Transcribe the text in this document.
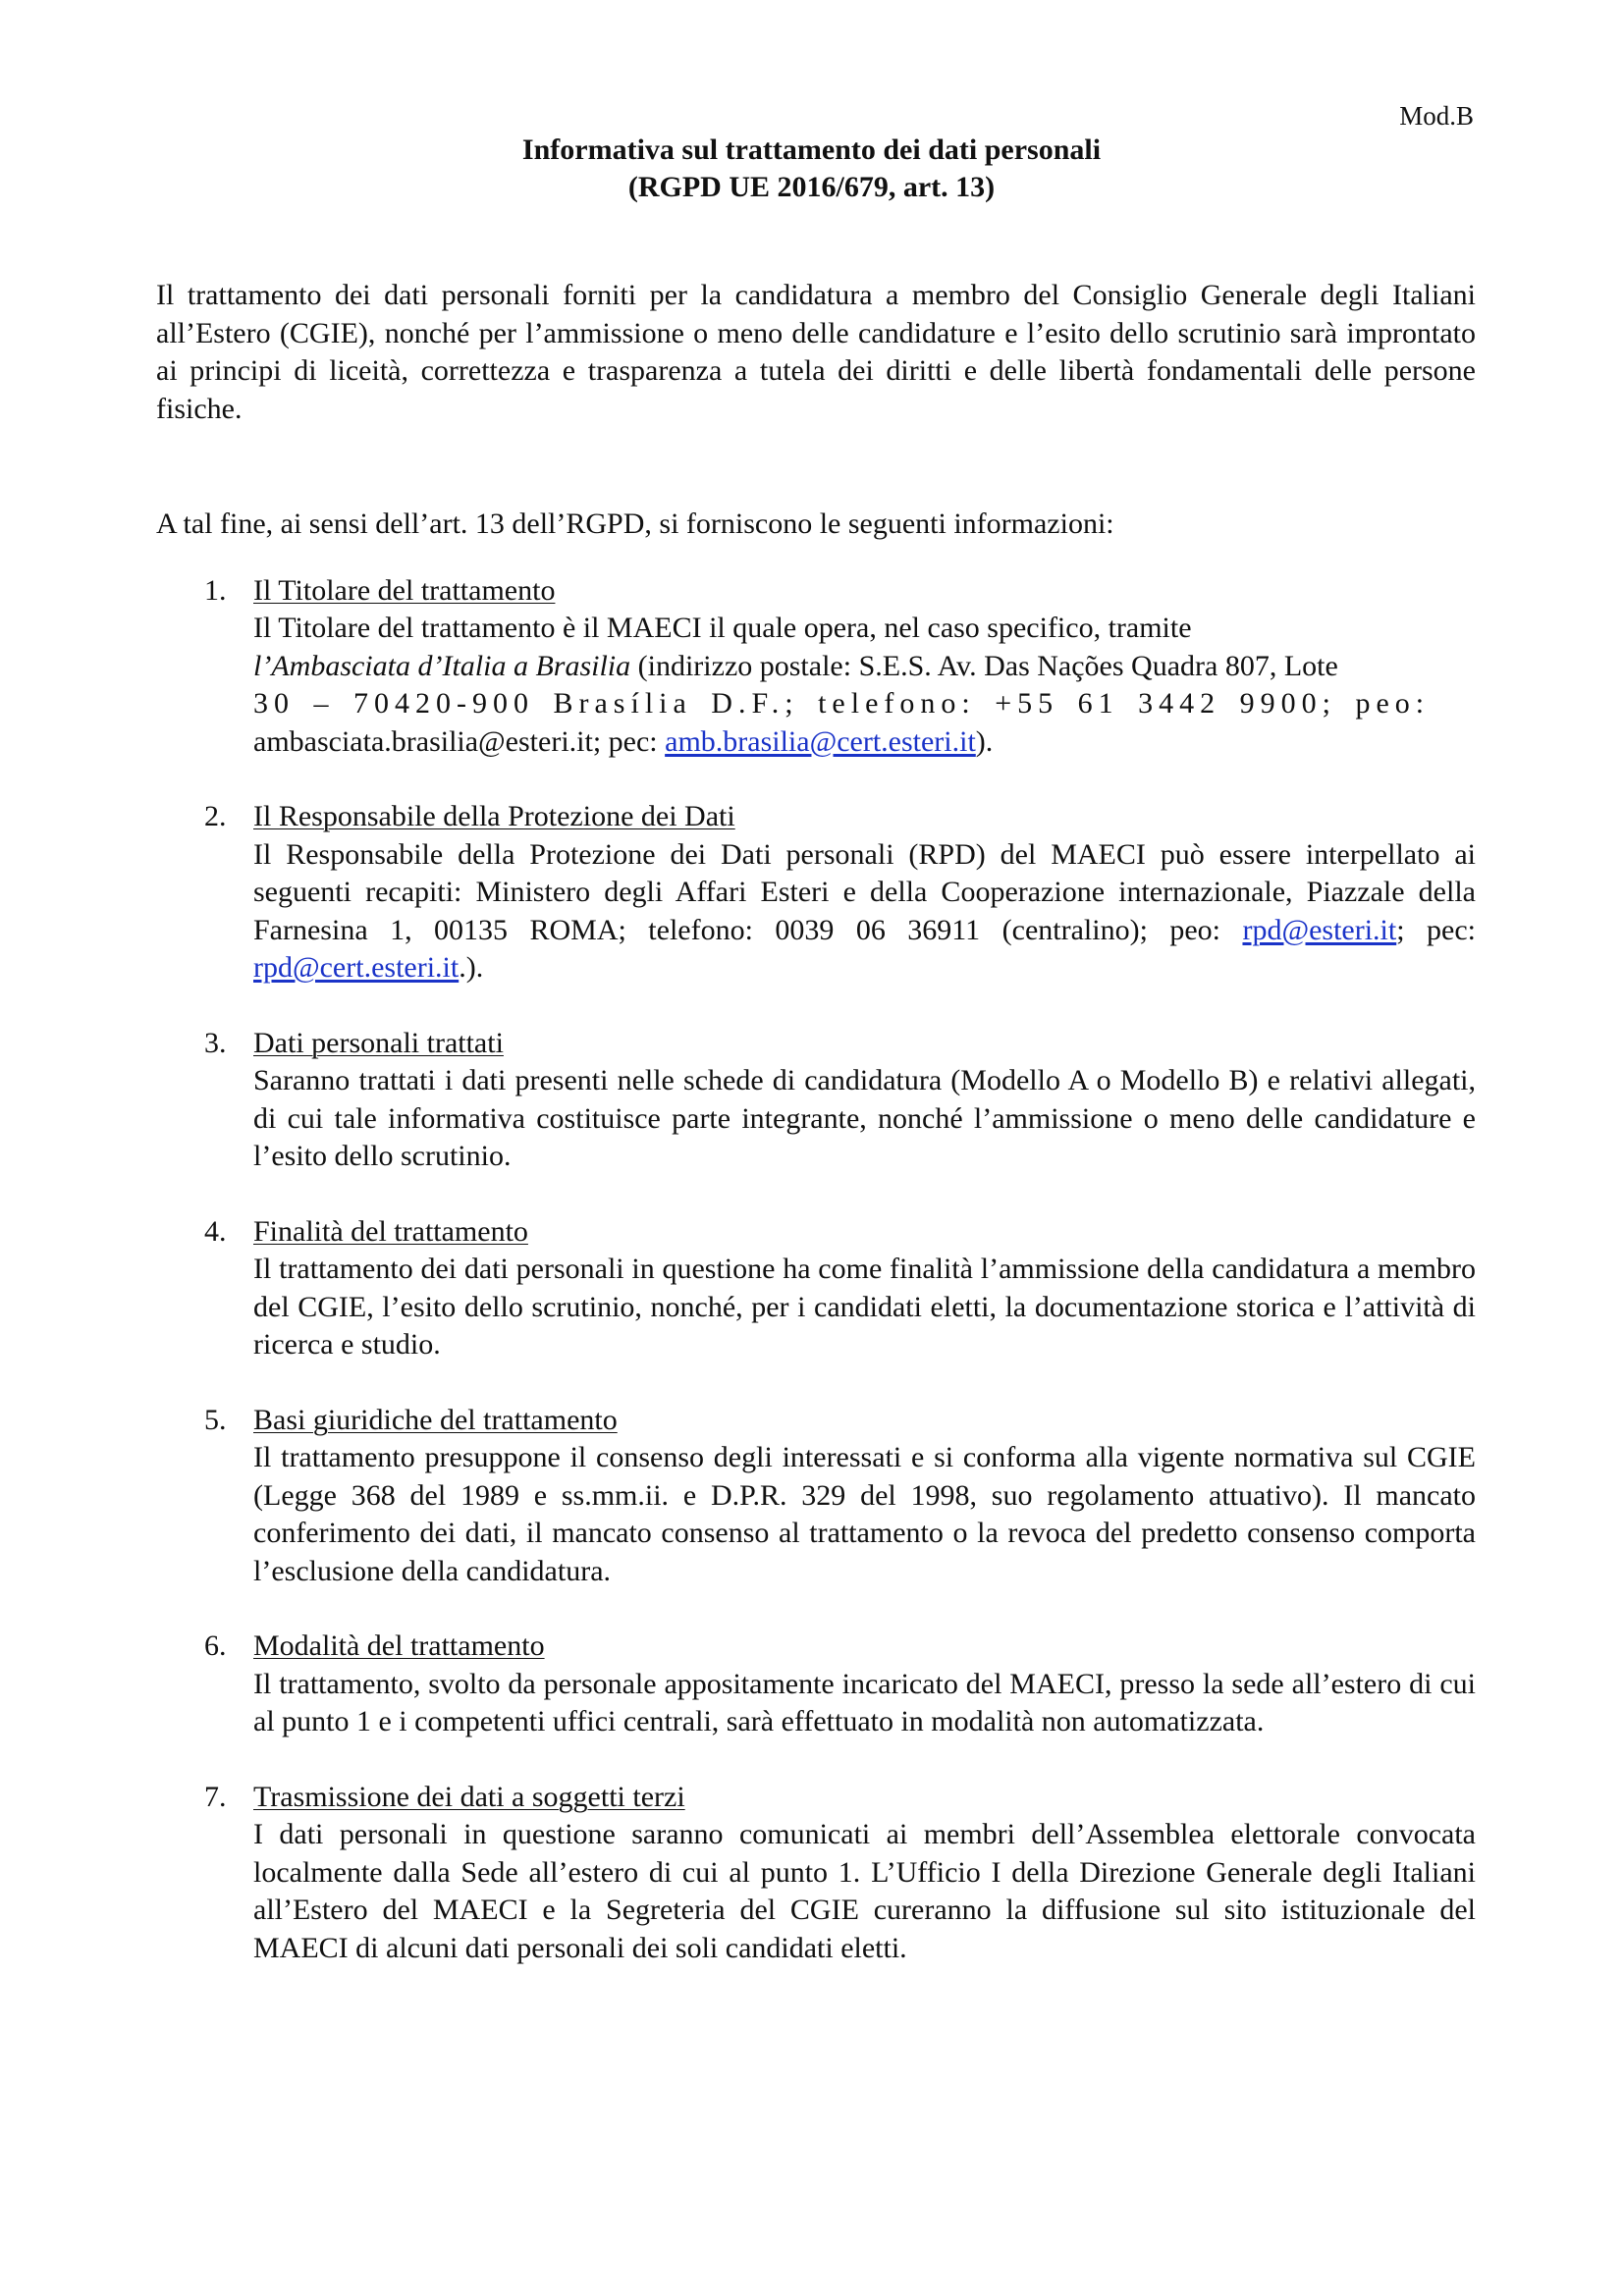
Mod.B
Informativa sul trattamento dei dati personali
(RGPD UE 2016/679, art. 13)

Il trattamento dei dati personali forniti per la candidatura a membro del Consiglio Generale degli Italiani all’Estero (CGIE), nonché per l’ammissione o meno delle candidature e l’esito dello scrutinio sarà improntato ai principi di liceità, correttezza e trasparenza a tutela dei diritti e delle libertà fondamentali delle persone fisiche.

A tal fine, ai sensi dell’art. 13 dell’RGPD, si forniscono le seguenti informazioni:

1. Il Titolare del trattamento
Il Titolare del trattamento è il MAECI il quale opera, nel caso specifico, tramite
l’Ambasciata d’Italia a Brasilia (indirizzo postale: S.E.S. Av. Das Nações Quadra 807, Lote
30 – 70420-900 Brasília D.F.; telefono: +55 61 3442 9900; peo:
ambasciata.brasilia@esteri.it; pec: amb.brasilia@cert.esteri.it).
2. Il Responsabile della Protezione dei Dati
Il Responsabile della Protezione dei Dati personali (RPD) del MAECI può essere interpellato ai seguenti recapiti: Ministero degli Affari Esteri e della Cooperazione internazionale, Piazzale della Farnesina 1, 00135 ROMA; telefono: 0039 06 36911 (centralino); peo: rpd@esteri.it; pec: rpd@cert.esteri.it.).
3. Dati personali trattati
Saranno trattati i dati presenti nelle schede di candidatura (Modello A o Modello B) e relativi allegati, di cui tale informativa costituisce parte integrante, nonché l’ammissione o meno delle candidature e l’esito dello scrutinio.
4. Finalità del trattamento
Il trattamento dei dati personali in questione ha come finalità l’ammissione della candidatura a membro del CGIE, l’esito dello scrutinio, nonché, per i candidati eletti, la documentazione storica e l’attività di ricerca e studio.
5. Basi giuridiche del trattamento
Il trattamento presuppone il consenso degli interessati e si conforma alla vigente normativa sul CGIE (Legge 368 del 1989 e ss.mm.ii. e D.P.R. 329 del 1998, suo regolamento attuativo). Il mancato conferimento dei dati, il mancato consenso al trattamento o la revoca del predetto consenso comporta l’esclusione della candidatura.
6. Modalità del trattamento
Il trattamento, svolto da personale appositamente incaricato del MAECI, presso la sede all’estero di cui al punto 1 e i competenti uffici centrali, sarà effettuato in modalità non automatizzata.
7. Trasmissione dei dati a soggetti terzi
I dati personali in questione saranno comunicati ai membri dell’Assemblea elettorale convocata localmente dalla Sede all’estero di cui al punto 1. L’Ufficio I della Direzione Generale degli Italiani all’Estero del MAECI e la Segreteria del CGIE cureranno la diffusione sul sito istituzionale del MAECI di alcuni dati personali dei soli candidati eletti.
